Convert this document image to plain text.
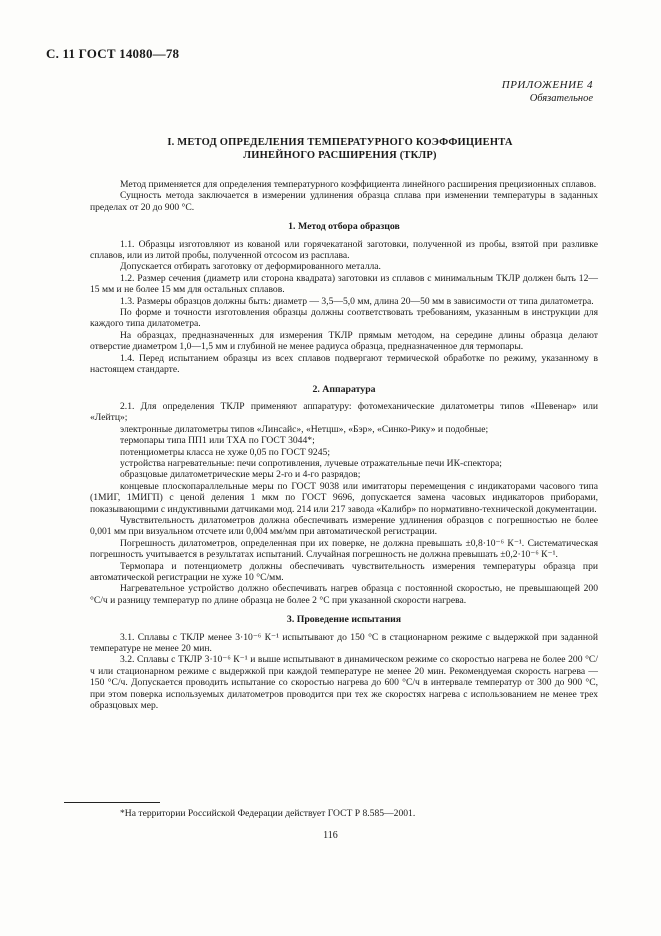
С. 11 ГОСТ 14080—78
ПРИЛОЖЕНИЕ 4
Обязательное
I. МЕТОД ОПРЕДЕЛЕНИЯ ТЕМПЕРАТУРНОГО КОЭФФИЦИЕНТА
ЛИНЕЙНОГО РАСШИРЕНИЯ (ТКЛР)

Метод применяется для определения температурного коэффициента линейного расширения прецизионных сплавов.

Сущность метода заключается в измерении удлинения образца сплава при изменении температуры в заданных пределах от 20 до 900 °С.

1. Метод отбора образцов

1.1. Образцы изготовляют из кованой или горячекатаной заготовки, полученной из пробы, взятой при разливке сплавов, или из литой пробы, полученной отсосом из расплава.

Допускается отбирать заготовку от деформированного металла.

1.2. Размер сечения (диаметр или сторона квадрата) заготовки из сплавов с минимальным ТКЛР должен быть 12—15 мм и не более 15 мм для остальных сплавов.

1.3. Размеры образцов должны быть: диаметр — 3,5—5,0 мм, длина 20—50 мм в зависимости от типа дилатометра.

По форме и точности изготовления образцы должны соответствовать требованиям, указанным в инструкции для каждого типа дилатометра.

На образцах, предназначенных для измерения ТКЛР прямым методом, на середине длины образца делают отверстие диаметром 1,0—1,5 мм и глубиной не менее радиуса образца, предназначенное для термопары.

1.4. Перед испытанием образцы из всех сплавов подвергают термической обработке по режиму, указанному в настоящем стандарте.

2. Аппаратура

2.1. Для определения ТКЛР применяют аппаратуру: фотомеханические дилатометры типов «Шевенар» или «Лейтц»;

электронные дилатометры типов «Линсайс», «Нетцш», «Бэр», «Синко-Рику» и подобные;

термопары типа ПП1 или ТХА по ГОСТ 3044*;

потенциометры класса не хуже 0,05 по ГОСТ 9245;

устройства нагревательные: печи сопротивления, лучевые отражательные печи ИК-спектора;

образцовые дилатометрические меры 2-го и 4-го разрядов;

концевые плоскопараллельные меры по ГОСТ 9038 или имитаторы перемещения с индикаторами часового типа (1МИГ, 1МИГП) с ценой деления 1 мкм по ГОСТ 9696, допускается замена часовых индикаторов приборами, показывающими с индуктивными датчиками мод. 214 или 217 завода «Калибр» по нормативно-технической документации.

Чувствительность дилатометров должна обеспечивать измерение удлинения образцов с погрешностью не более 0,001 мм при визуальном отсчете или 0,004 мм/мм при автоматической регистрации.

Погрешность дилатометров, определенная при их поверке, не должна превышать ±0,8·10⁻⁶ К⁻¹. Систематическая погрешность учитывается в результатах испытаний. Случайная погрешность не должна превышать ±0,2·10⁻⁶ К⁻¹.

Термопара и потенциометр должны обеспечивать чувствительность измерения температуры образца при автоматической регистрации не хуже 10 °С/мм.

Нагревательное устройство должно обеспечивать нагрев образца с постоянной скоростью, не превышающей 200 °С/ч и разницу температур по длине образца не более 2 °С при указанной скорости нагрева.

3. Проведение испытания

3.1. Сплавы с ТКЛР менее 3·10⁻⁶ К⁻¹ испытывают до 150 °С в стационарном режиме с выдержкой при заданной температуре не менее 20 мин.

3.2. Сплавы с ТКЛР 3·10⁻⁶ К⁻¹ и выше испытывают в динамическом режиме со скоростью нагрева не более 200 °С/ч или стационарном режиме с выдержкой при каждой температуре не менее 20 мин. Рекомендуемая скорость нагрева — 150 °С/ч. Допускается проводить испытание со скоростью нагрева до 600 °С/ч в интервале температур от 300 до 900 °С, при этом поверка используемых дилатометров проводится при тех же скоростях нагрева с использованием не менее трех образцовых мер.

*На территории Российской Федерации действует ГОСТ Р 8.585—2001.
116
